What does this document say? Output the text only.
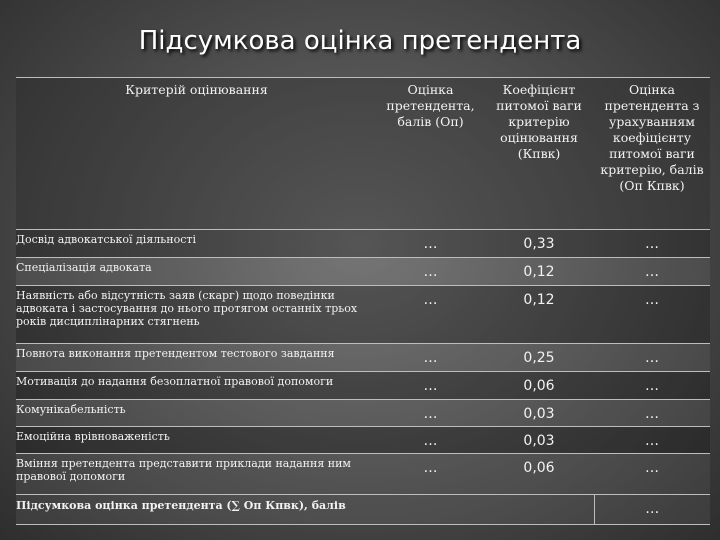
Підсумкова оцінка претендента
Критерій оцінювання	Оцінка претендента, балів (Оп)	Коефіцієнт питомої ваги критерію оцінювання (Кпвк)	Оцінка претендента з урахуванням коефіцієнту питомої ваги критерію, балів (Оп Кпвк)
Досвід адвокатської діяльності	…	0,33	…
Спеціалізація адвоката	…	0,12	…
Наявність або відсутність заяв (скарг) щодо поведінки адвоката і застосування до нього протягом останніх трьох років дисциплінарних стягнень	…	0,12	…
Повнота виконання претендентом тестового завдання	…	0,25	…
Мотивація до надання безоплатної правової допомоги	…	0,06	…
Комунікабельність	…	0,03	…
Емоційна врівноваженість	…	0,03	…
Вміння претендента представити приклади надання ним правової допомоги	…	0,06	…
Підсумкова оцінка претендента (∑ Оп Кпвк), балів			…
